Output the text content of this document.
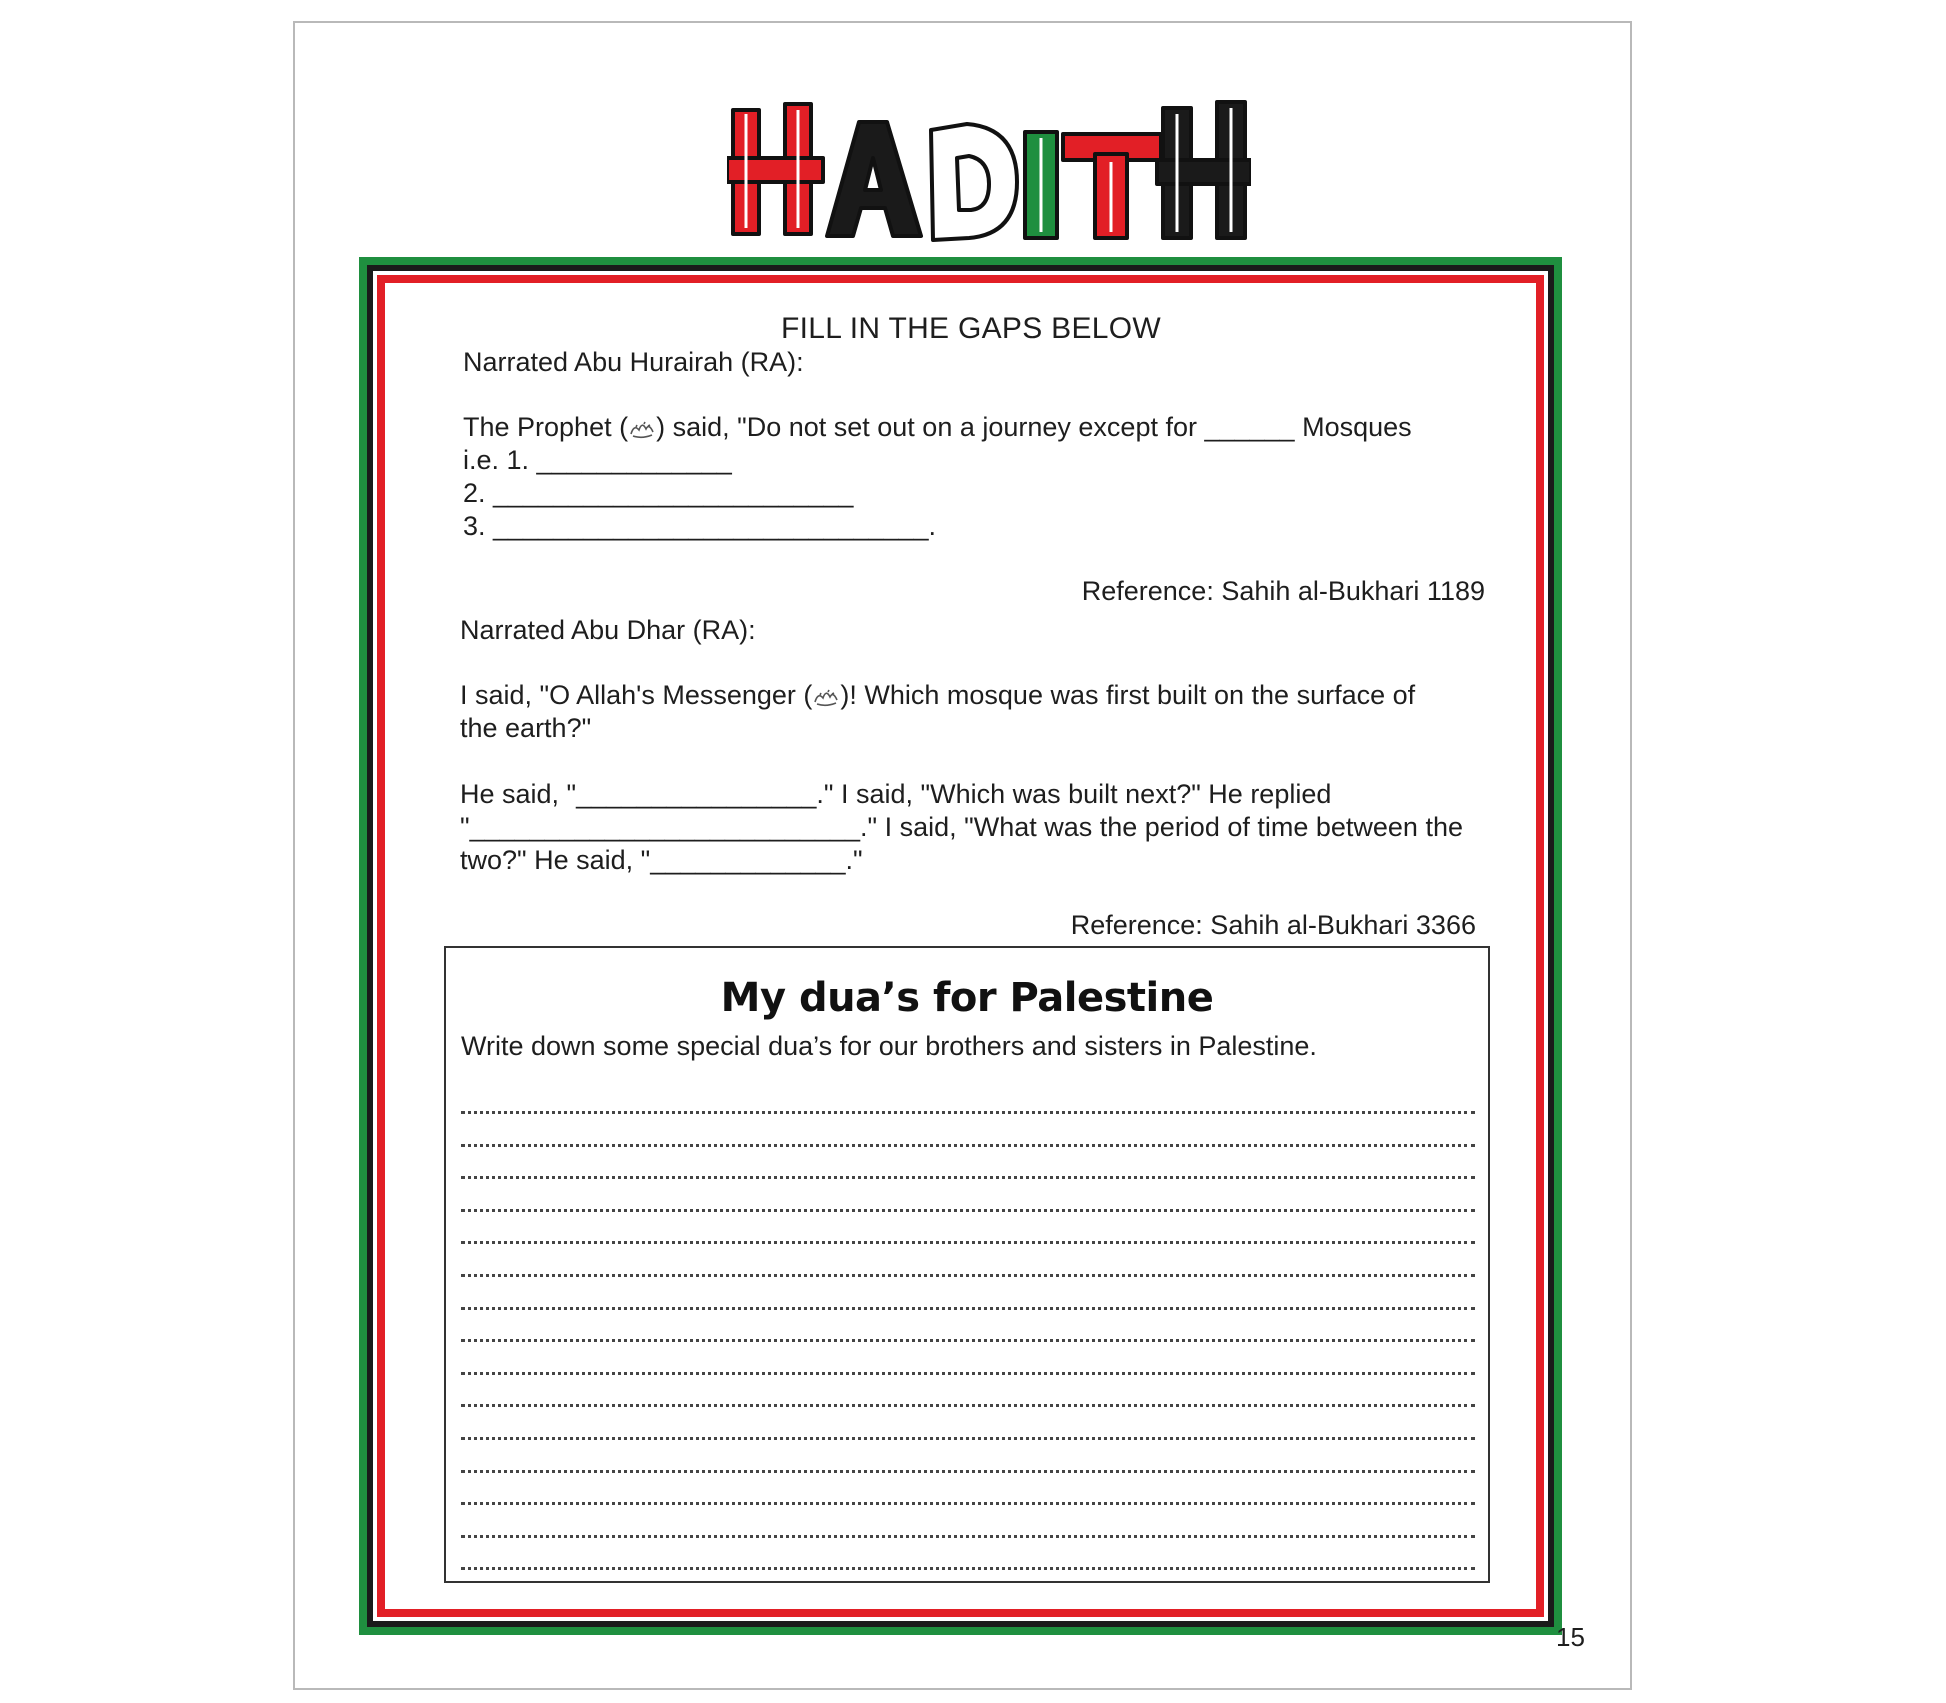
FILL IN THE GAPS BELOW
Narrated Abu Hurairah (RA):
The Prophet ( ) said, "Do not set out on a journey except for ______ Mosques
i.e. 1. _____________
2. ________________________
3. _____________________________.
Reference: Sahih al-Bukhari 1189
Narrated Abu Dhar (RA):
I said, "O Allah's Messenger ( )! Which mosque was first built on the surface of
the earth?"
He said, "________________." I said, "Which was built next?" He replied
"__________________________." I said, "What was the period of time between the
two?" He said, "_____________."
Reference: Sahih al-Bukhari 3366
My dua’s for Palestine
Write down some special dua’s for our brothers and sisters in Palestine.
15
